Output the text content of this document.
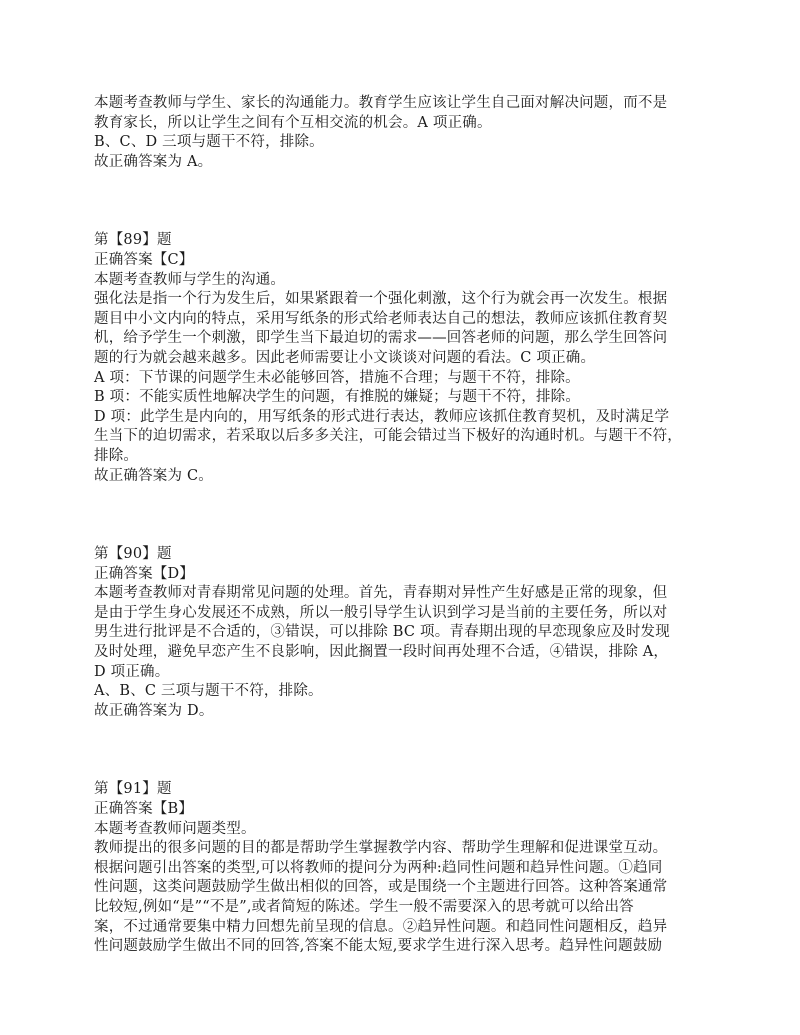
本题考查教师与学生、家长的沟通能力。教育学生应该让学生自己面对解决问题，而不是
教育家长，所以让学生之间有个互相交流的机会。A 项正确。
B、C、D 三项与题干不符，排除。
故正确答案为 A。
第【89】题
正确答案【C】
本题考查教师与学生的沟通。
强化法是指一个行为发生后，如果紧跟着一个强化刺激，这个行为就会再一次发生。根据
题目中小文内向的特点，采用写纸条的形式给老师表达自己的想法，教师应该抓住教育契
机，给予学生一个刺激，即学生当下最迫切的需求——回答老师的问题，那么学生回答问
题的行为就会越来越多。因此老师需要让小文谈谈对问题的看法。C 项正确。
A 项：下节课的问题学生未必能够回答，措施不合理；与题干不符，排除。
B 项：不能实质性地解决学生的问题，有推脱的嫌疑；与题干不符，排除。
D 项：此学生是内向的，用写纸条的形式进行表达，教师应该抓住教育契机，及时满足学
生当下的迫切需求，若采取以后多多关注，可能会错过当下极好的沟通时机。与题干不符，
排除。
故正确答案为 C。
第【90】题
正确答案【D】
本题考查教师对青春期常见问题的处理。首先，青春期对异性产生好感是正常的现象，但
是由于学生身心发展还不成熟，所以一般引导学生认识到学习是当前的主要任务，所以对
男生进行批评是不合适的，③错误，可以排除 BC 项。青春期出现的早恋现象应及时发现
及时处理，避免早恋产生不良影响，因此搁置一段时间再处理不合适，④错误，排除 A，
D 项正确。
A、B、C 三项与题干不符，排除。
故正确答案为 D。
第【91】题
正确答案【B】
本题考查教师问题类型。
教师提出的很多问题的目的都是帮助学生掌握教学内容、帮助学生理解和促进课堂互动。
根据问题引出答案的类型,可以将教师的提问分为两种:趋同性问题和趋异性问题。①趋同
性问题，这类问题鼓励学生做出相似的回答，或是围绕一个主题进行回答。这种答案通常
比较短,例如“是”“不是”,或者简短的陈述。学生一般不需要深入的思考就可以给出答
案，不过通常要集中精力回想先前呈现的信息。②趋异性问题。和趋同性问题相反，趋异
性问题鼓励学生做出不同的回答,答案不能太短,要求学生进行深入思考。趋异性问题鼓励
